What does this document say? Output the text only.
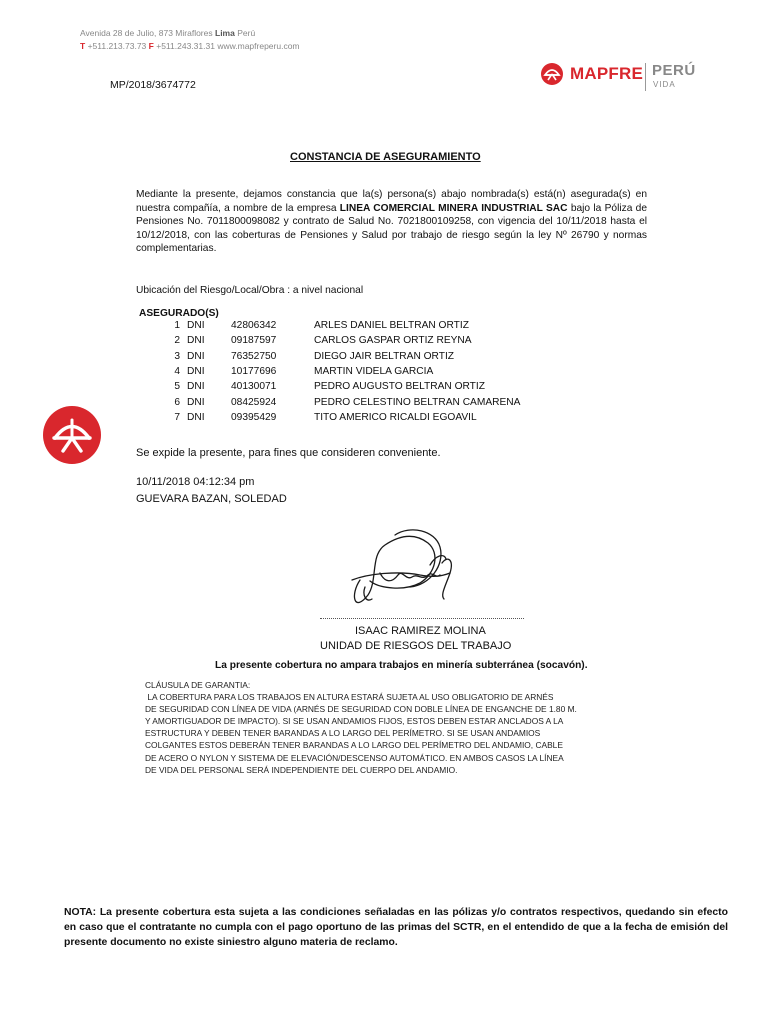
Avenida 28 de Julio, 873 Miraflores Lima Perú
T +511.213.73.73 F +511.243.31.31 www.mapfreperu.com
MP/2018/3674772
MAPFRE PERÚ
VIDA
CONSTANCIA DE ASEGURAMIENTO
Mediante la presente, dejamos constancia que la(s) persona(s) abajo nombrada(s) está(n) asegurada(s) en nuestra compañía, a nombre de la empresa LINEA COMERCIAL MINERA INDUSTRIAL SAC bajo la Póliza de Pensiones No. 7011800098082 y contrato de Salud No. 7021800109258, con vigencia del 10/11/2018 hasta el 10/12/2018, con las coberturas de Pensiones y Salud por trabajo de riesgo según la ley Nº 26790 y normas complementarias.
Ubicación del Riesgo/Local/Obra : a nivel nacional
ASEGURADO(S)
1 DNI	42806342	ARLES DANIEL BELTRAN ORTIZ
2 DNI	09187597	CARLOS GASPAR ORTIZ REYNA
3 DNI	76352750	DIEGO JAIR BELTRAN ORTIZ
4 DNI	10177696	MARTIN VIDELA GARCIA
5 DNI	40130071	PEDRO AUGUSTO BELTRAN ORTIZ
6 DNI	08425924	PEDRO CELESTINO BELTRAN CAMARENA
7 DNI	09395429	TITO AMERICO RICALDI EGOAVIL
Se expide la presente, para fines que consideren conveniente.
10/11/2018 04:12:34 pm
GUEVARA BAZAN, SOLEDAD
ISAAC RAMIREZ MOLINA
UNIDAD DE RIESGOS DEL TRABAJO
La presente cobertura no ampara trabajos en minería subterránea (socavón).

CLÁUSULA DE GARANTIA:

LA COBERTURA PARA LOS TRABAJOS EN ALTURA ESTARÁ SUJETA AL USO OBLIGATORIO DE ARNÉS

DE SEGURIDAD CON LÍNEA DE VIDA (ARNÉS DE SEGURIDAD CON DOBLE LÍNEA DE ENGANCHE DE 1.80 M.

Y AMORTIGUADOR DE IMPACTO). SI SE USAN ANDAMIOS FIJOS, ESTOS DEBEN ESTAR ANCLADOS A LA

ESTRUCTURA Y DEBEN TENER BARANDAS A LO LARGO DEL PERÍMETRO. SI SE USAN ANDAMIOS

COLGANTES ESTOS DEBERÁN TENER BARANDAS A LO LARGO DEL PERÍMETRO DEL ANDAMIO, CABLE

DE ACERO O NYLON Y SISTEMA DE ELEVACIÓN/DESCENSO AUTOMÁTICO. EN AMBOS CASOS LA LÍNEA

DE VIDA DEL PERSONAL SERÁ INDEPENDIENTE DEL CUERPO DEL ANDAMIO.

NOTA: La presente cobertura esta sujeta a las condiciones señaladas en las pólizas y/o contratos respectivos, quedando sin efecto en caso que el contratante no cumpla con el pago oportuno de las primas del SCTR, en el entendido de que a la fecha de emisión del presente documento no existe siniestro alguno materia de reclamo.
